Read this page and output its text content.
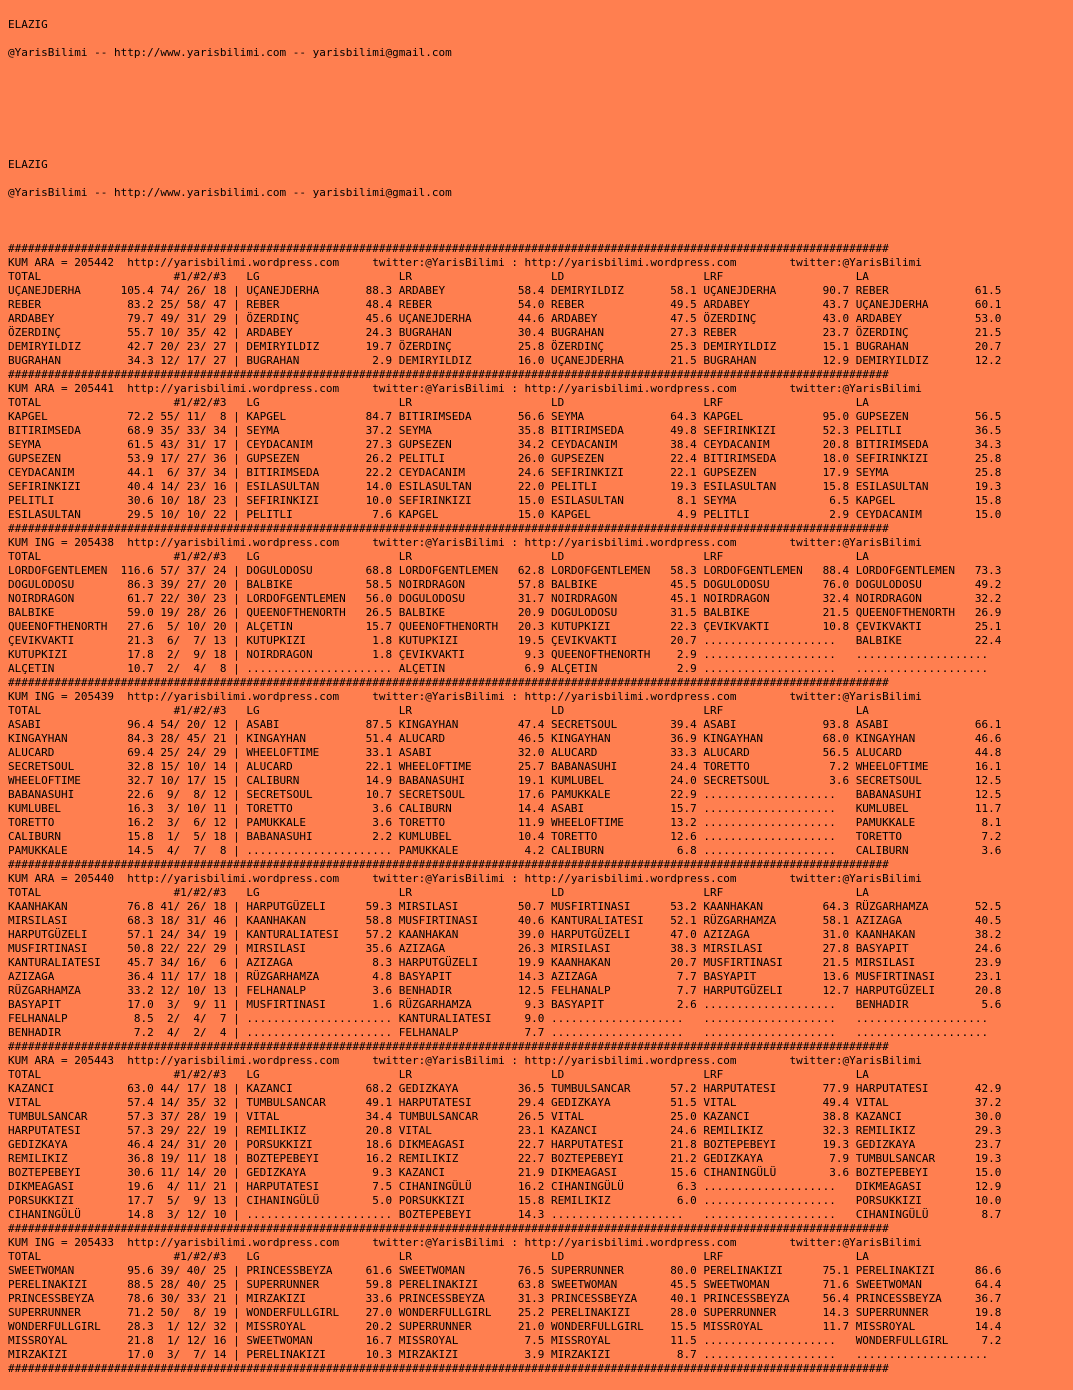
ELAZIG

@YarisBilimi -- http://www.yarisbilimi.com -- yarisbilimi@gmail.com

ELAZIG

@YarisBilimi -- http://www.yarisbilimi.com -- yarisbilimi@gmail.com

#####################################################################################################################################
KUM ARA = 205442  http://yarisbilimi.wordpress.com     twitter:@YarisBilimi : http://yarisbilimi.wordpress.com        twitter:@YarisBilimi
TOTAL                    #1/#2/#3   LG                     LR                     LD                     LRF                    LA
UÇANEJDERHA      105.4 74/ 26/ 18 | UÇANEJDERHA       88.3 ARDABEY           58.4 DEMIRYILDIZ       58.1 UÇANEJDERHA       90.7 REBER             61.5
REBER             83.2 25/ 58/ 47 | REBER             48.4 REBER             54.0 REBER             49.5 ARDABEY           43.7 UÇANEJDERHA       60.1
ARDABEY           79.7 49/ 31/ 29 | ÖZERDINÇ          45.6 UÇANEJDERHA       44.6 ARDABEY           47.5 ÖZERDINÇ          43.0 ARDABEY           53.0
ÖZERDINÇ          55.7 10/ 35/ 42 | ARDABEY           24.3 BUGRAHAN          30.4 BUGRAHAN          27.3 REBER             23.7 ÖZERDINÇ          21.5
DEMIRYILDIZ       42.7 20/ 23/ 27 | DEMIRYILDIZ       19.7 ÖZERDINÇ          25.8 ÖZERDINÇ          25.3 DEMIRYILDIZ       15.1 BUGRAHAN          20.7
BUGRAHAN          34.3 12/ 17/ 27 | BUGRAHAN           2.9 DEMIRYILDIZ       16.0 UÇANEJDERHA       21.5 BUGRAHAN          12.9 DEMIRYILDIZ       12.2
#####################################################################################################################################
KUM ARA = 205441  http://yarisbilimi.wordpress.com     twitter:@YarisBilimi : http://yarisbilimi.wordpress.com        twitter:@YarisBilimi
TOTAL                    #1/#2/#3   LG                     LR                     LD                     LRF                    LA
KAPGEL            72.2 55/ 11/  8 | KAPGEL            84.7 BITIRIMSEDA       56.6 SEYMA             64.3 KAPGEL            95.0 GUPSEZEN          56.5
BITIRIMSEDA       68.9 35/ 33/ 34 | SEYMA             37.2 SEYMA             35.8 BITIRIMSEDA       49.8 SEFIRINKIZI       52.3 PELITLI           36.5
SEYMA             61.5 43/ 31/ 17 | CEYDACANIM        27.3 GUPSEZEN          34.2 CEYDACANIM        38.4 CEYDACANIM        20.8 BITIRIMSEDA       34.3
GUPSEZEN          53.9 17/ 27/ 36 | GUPSEZEN          26.2 PELITLI           26.0 GUPSEZEN          22.4 BITIRIMSEDA       18.0 SEFIRINKIZI       25.8
CEYDACANIM        44.1  6/ 37/ 34 | BITIRIMSEDA       22.2 CEYDACANIM        24.6 SEFIRINKIZI       22.1 GUPSEZEN          17.9 SEYMA             25.8
SEFIRINKIZI       40.4 14/ 23/ 16 | ESILASULTAN       14.0 ESILASULTAN       22.0 PELITLI           19.3 ESILASULTAN       15.8 ESILASULTAN       19.3
PELITLI           30.6 10/ 18/ 23 | SEFIRINKIZI       10.0 SEFIRINKIZI       15.0 ESILASULTAN        8.1 SEYMA              6.5 KAPGEL            15.8
ESILASULTAN       29.5 10/ 10/ 22 | PELITLI            7.6 KAPGEL            15.0 KAPGEL             4.9 PELITLI            2.9 CEYDACANIM        15.0
#####################################################################################################################################
KUM ING = 205438  http://yarisbilimi.wordpress.com     twitter:@YarisBilimi : http://yarisbilimi.wordpress.com        twitter:@YarisBilimi
TOTAL                    #1/#2/#3   LG                     LR                     LD                     LRF                    LA
LORDOFGENTLEMEN  116.6 57/ 37/ 24 | DOGULODOSU        68.8 LORDOFGENTLEMEN   62.8 LORDOFGENTLEMEN   58.3 LORDOFGENTLEMEN   88.4 LORDOFGENTLEMEN   73.3
DOGULODOSU        86.3 39/ 27/ 20 | BALBIKE           58.5 NOIRDRAGON        57.8 BALBIKE           45.5 DOGULODOSU        76.0 DOGULODOSU        49.2
NOIRDRAGON        61.7 22/ 30/ 23 | LORDOFGENTLEMEN   56.0 DOGULODOSU        31.7 NOIRDRAGON        45.1 NOIRDRAGON        32.4 NOIRDRAGON        32.2
BALBIKE           59.0 19/ 28/ 26 | QUEENOFTHENORTH   26.5 BALBIKE           20.9 DOGULODOSU        31.5 BALBIKE           21.5 QUEENOFTHENORTH   26.9
QUEENOFTHENORTH   27.6  5/ 10/ 20 | ALÇETIN           15.7 QUEENOFTHENORTH   20.3 KUTUPKIZI         22.3 ÇEVIKVAKTI        10.8 ÇEVIKVAKTI        25.1
ÇEVIKVAKTI        21.3  6/  7/ 13 | KUTUPKIZI          1.8 KUTUPKIZI         19.5 ÇEVIKVAKTI        20.7 ....................   BALBIKE           22.4
KUTUPKIZI         17.8  2/  9/ 18 | NOIRDRAGON         1.8 ÇEVIKVAKTI         9.3 QUEENOFTHENORTH    2.9 ....................   ....................
ALÇETIN           10.7  2/  4/  8 | ...................... ALÇETIN            6.9 ALÇETIN            2.9 ....................   ....................
#####################################################################################################################################
KUM ING = 205439  http://yarisbilimi.wordpress.com     twitter:@YarisBilimi : http://yarisbilimi.wordpress.com        twitter:@YarisBilimi
TOTAL                    #1/#2/#3   LG                     LR                     LD                     LRF                    LA
ASABI             96.4 54/ 20/ 12 | ASABI             87.5 KINGAYHAN         47.4 SECRETSOUL        39.4 ASABI             93.8 ASABI             66.1
KINGAYHAN         84.3 28/ 45/ 21 | KINGAYHAN         51.4 ALUCARD           46.5 KINGAYHAN         36.9 KINGAYHAN         68.0 KINGAYHAN         46.6
ALUCARD           69.4 25/ 24/ 29 | WHEELOFTIME       33.1 ASABI             32.0 ALUCARD           33.3 ALUCARD           56.5 ALUCARD           44.8
SECRETSOUL        32.8 15/ 10/ 14 | ALUCARD           22.1 WHEELOFTIME       25.7 BABANASUHI        24.4 TORETTO            7.2 WHEELOFTIME       16.1
WHEELOFTIME       32.7 10/ 17/ 15 | CALIBURN          14.9 BABANASUHI        19.1 KUMLUBEL          24.0 SECRETSOUL         3.6 SECRETSOUL        12.5
BABANASUHI        22.6  9/  8/ 12 | SECRETSOUL        10.7 SECRETSOUL        17.6 PAMUKKALE         22.9 ....................   BABANASUHI        12.5
KUMLUBEL          16.3  3/ 10/ 11 | TORETTO            3.6 CALIBURN          14.4 ASABI             15.7 ....................   KUMLUBEL          11.7
TORETTO           16.2  3/  6/ 12 | PAMUKKALE          3.6 TORETTO           11.9 WHEELOFTIME       13.2 ....................   PAMUKKALE          8.1
CALIBURN          15.8  1/  5/ 18 | BABANASUHI         2.2 KUMLUBEL          10.4 TORETTO           12.6 ....................   TORETTO            7.2
PAMUKKALE         14.5  4/  7/  8 | ...................... PAMUKKALE          4.2 CALIBURN           6.8 ....................   CALIBURN           3.6
#####################################################################################################################################
KUM ARA = 205440  http://yarisbilimi.wordpress.com     twitter:@YarisBilimi : http://yarisbilimi.wordpress.com        twitter:@YarisBilimi
TOTAL                    #1/#2/#3   LG                     LR                     LD                     LRF                    LA
KAANHAKAN         76.8 41/ 26/ 18 | HARPUTGÜZELI      59.3 MIRSILASI         50.7 MUSFIRTINASI      53.2 KAANHAKAN         64.3 RÜZGARHAMZA       52.5
MIRSILASI         68.3 18/ 31/ 46 | KAANHAKAN         58.8 MUSFIRTINASI      40.6 KANTURALIATESI    52.1 RÜZGARHAMZA       58.1 AZIZAGA           40.5
HARPUTGÜZELI      57.1 24/ 34/ 19 | KANTURALIATESI    57.2 KAANHAKAN         39.0 HARPUTGÜZELI      47.0 AZIZAGA           31.0 KAANHAKAN         38.2
MUSFIRTINASI      50.8 22/ 22/ 29 | MIRSILASI         35.6 AZIZAGA           26.3 MIRSILASI         38.3 MIRSILASI         27.8 BASYAPIT          24.6
KANTURALIATESI    45.7 34/ 16/  6 | AZIZAGA            8.3 HARPUTGÜZELI      19.9 KAANHAKAN         20.7 MUSFIRTINASI      21.5 MIRSILASI         23.9
AZIZAGA           36.4 11/ 17/ 18 | RÜZGARHAMZA        4.8 BASYAPIT          14.3 AZIZAGA            7.7 BASYAPIT          13.6 MUSFIRTINASI      23.1
RÜZGARHAMZA       33.2 12/ 10/ 13 | FELHANALP          3.6 BENHADIR          12.5 FELHANALP          7.7 HARPUTGÜZELI      12.7 HARPUTGÜZELI      20.8
BASYAPIT          17.0  3/  9/ 11 | MUSFIRTINASI       1.6 RÜZGARHAMZA        9.3 BASYAPIT           2.6 ....................   BENHADIR           5.6
FELHANALP          8.5  2/  4/  7 | ...................... KANTURALIATESI     9.0 ....................   ....................   ....................
BENHADIR           7.2  4/  2/  4 | ...................... FELHANALP          7.7 ....................   ....................   ....................
#####################################################################################################################################
KUM ARA = 205443  http://yarisbilimi.wordpress.com     twitter:@YarisBilimi : http://yarisbilimi.wordpress.com        twitter:@YarisBilimi
TOTAL                    #1/#2/#3   LG                     LR                     LD                     LRF                    LA
KAZANCI           63.0 44/ 17/ 18 | KAZANCI           68.2 GEDIZKAYA         36.5 TUMBULSANCAR      57.2 HARPUTATESI       77.9 HARPUTATESI       42.9
VITAL             57.4 14/ 35/ 32 | TUMBULSANCAR      49.1 HARPUTATESI       29.4 GEDIZKAYA         51.5 VITAL             49.4 VITAL             37.2
TUMBULSANCAR      57.3 37/ 28/ 19 | VITAL             34.4 TUMBULSANCAR      26.5 VITAL             25.0 KAZANCI           38.8 KAZANCI           30.0
HARPUTATESI       57.3 29/ 22/ 19 | REMILIKIZ         20.8 VITAL             23.1 KAZANCI           24.6 REMILIKIZ         32.3 REMILIKIZ         29.3
GEDIZKAYA         46.4 24/ 31/ 20 | PORSUKKIZI        18.6 DIKMEAGASI        22.7 HARPUTATESI       21.8 BOZTEPEBEYI       19.3 GEDIZKAYA         23.7
REMILIKIZ         36.8 19/ 11/ 18 | BOZTEPEBEYI       16.2 REMILIKIZ         22.7 BOZTEPEBEYI       21.2 GEDIZKAYA          7.9 TUMBULSANCAR      19.3
BOZTEPEBEYI       30.6 11/ 14/ 20 | GEDIZKAYA          9.3 KAZANCI           21.9 DIKMEAGASI        15.6 CIHANINGÜLÜ        3.6 BOZTEPEBEYI       15.0
DIKMEAGASI        19.6  4/ 11/ 21 | HARPUTATESI        7.5 CIHANINGÜLÜ       16.2 CIHANINGÜLÜ        6.3 ....................   DIKMEAGASI        12.9
PORSUKKIZI        17.7  5/  9/ 13 | CIHANINGÜLÜ        5.0 PORSUKKIZI        15.8 REMILIKIZ          6.0 ....................   PORSUKKIZI        10.0
CIHANINGÜLÜ       14.8  3/ 12/ 10 | ...................... BOZTEPEBEYI       14.3 ....................   ....................   CIHANINGÜLÜ        8.7
#####################################################################################################################################
KUM ING = 205433  http://yarisbilimi.wordpress.com     twitter:@YarisBilimi : http://yarisbilimi.wordpress.com        twitter:@YarisBilimi
TOTAL                    #1/#2/#3   LG                     LR                     LD                     LRF                    LA
SWEETWOMAN        95.6 39/ 40/ 25 | PRINCESSBEYZA     61.6 SWEETWOMAN        76.5 SUPERRUNNER       80.0 PERELINAKIZI      75.1 PERELINAKIZI      86.6
PERELINAKIZI      88.5 28/ 40/ 25 | SUPERRUNNER       59.8 PERELINAKIZI      63.8 SWEETWOMAN        45.5 SWEETWOMAN        71.6 SWEETWOMAN        64.4
PRINCESSBEYZA     78.6 30/ 33/ 21 | MIRZAKIZI         33.6 PRINCESSBEYZA     31.3 PRINCESSBEYZA     40.1 PRINCESSBEYZA     56.4 PRINCESSBEYZA     36.7
SUPERRUNNER       71.2 50/  8/ 19 | WONDERFULLGIRL    27.0 WONDERFULLGIRL    25.2 PERELINAKIZI      28.0 SUPERRUNNER       14.3 SUPERRUNNER       19.8
WONDERFULLGIRL    28.3  1/ 12/ 32 | MISSROYAL         20.2 SUPERRUNNER       21.0 WONDERFULLGIRL    15.5 MISSROYAL         11.7 MISSROYAL         14.4
MISSROYAL         21.8  1/ 12/ 16 | SWEETWOMAN        16.7 MISSROYAL          7.5 MISSROYAL         11.5 ....................   WONDERFULLGIRL     7.2
MIRZAKIZI         17.0  3/  7/ 14 | PERELINAKIZI      10.3 MIRZAKIZI          3.9 MIRZAKIZI          8.7 ....................   ....................
#####################################################################################################################################
